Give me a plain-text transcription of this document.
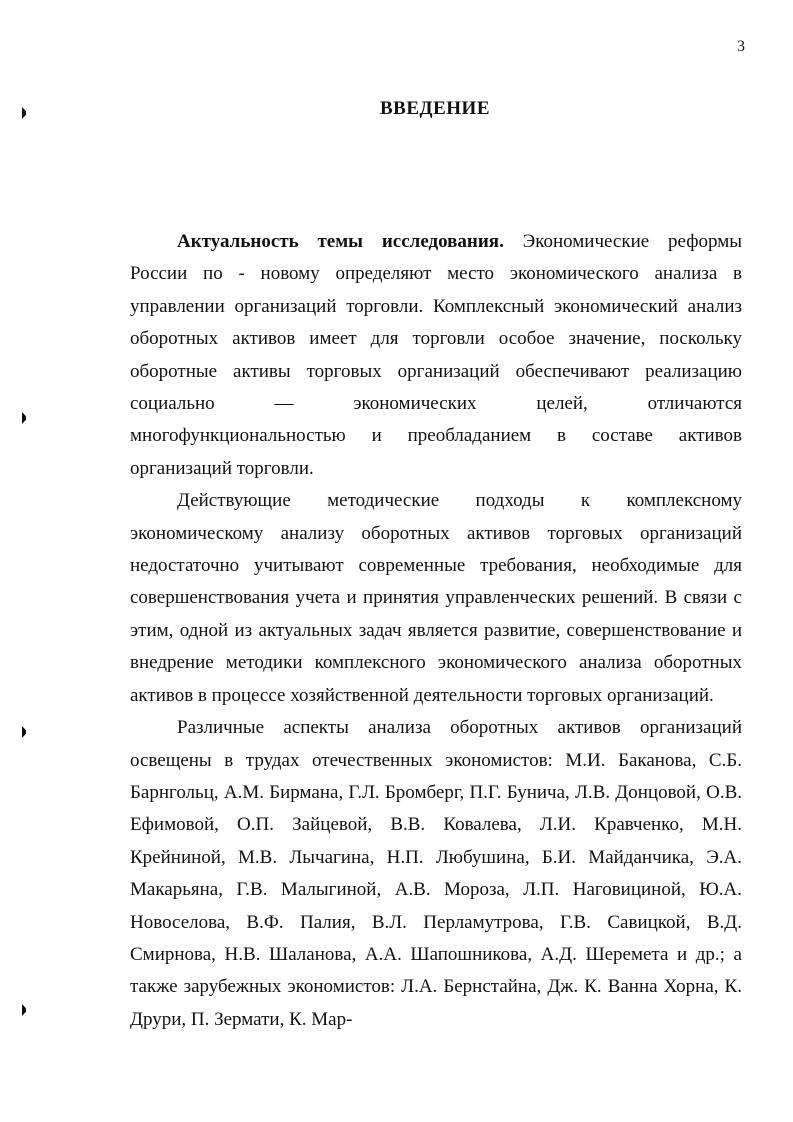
3
ВВЕДЕНИЕ

Актуальность темы исследования. Экономические реформы России по - новому определяют место экономического анализа в управлении организаций торговли. Комплексный экономический анализ оборотных активов имеет для торговли особое значение, поскольку оборотные активы торговых организаций обеспечивают реализацию социально — экономических целей, отличаются многофункциональностью и преобладанием в составе активов организаций торговли.

Действующие методические подходы к комплексному экономическому анализу оборотных активов торговых организаций недостаточно учитывают современные требования, необходимые для совершенствования учета и принятия управленческих решений. В связи с этим, одной из актуальных задач является развитие, совершенствование и внедрение методики комплексного экономического анализа оборотных активов в процессе хозяйственной деятельности торговых организаций.

Различные аспекты анализа оборотных активов организаций освещены в трудах отечественных экономистов: М.И. Баканова, С.Б. Барнгольц, А.М. Бирмана, Г.Л. Бромберг, П.Г. Бунича, Л.В. Донцовой, О.В. Ефимовой, О.П. Зайцевой, В.В. Ковалева, Л.И. Кравченко, М.Н. Крейниной, М.В. Лычагина, Н.П. Любушина, Б.И. Майданчика, Э.А. Макарьяна, Г.В. Малыгиной, А.В. Мороза, Л.П. Наговициной, Ю.А. Новоселова, В.Ф. Палия, В.Л. Перламутрова, Г.В. Савицкой, В.Д. Смирнова, Н.В. Шаланова, А.А. Шапошникова, А.Д. Шеремета и др.; а также зарубежных экономистов: Л.А. Бернстайна, Дж. К. Ванна Хорна, К. Друри, П. Зермати, К. Мар-
